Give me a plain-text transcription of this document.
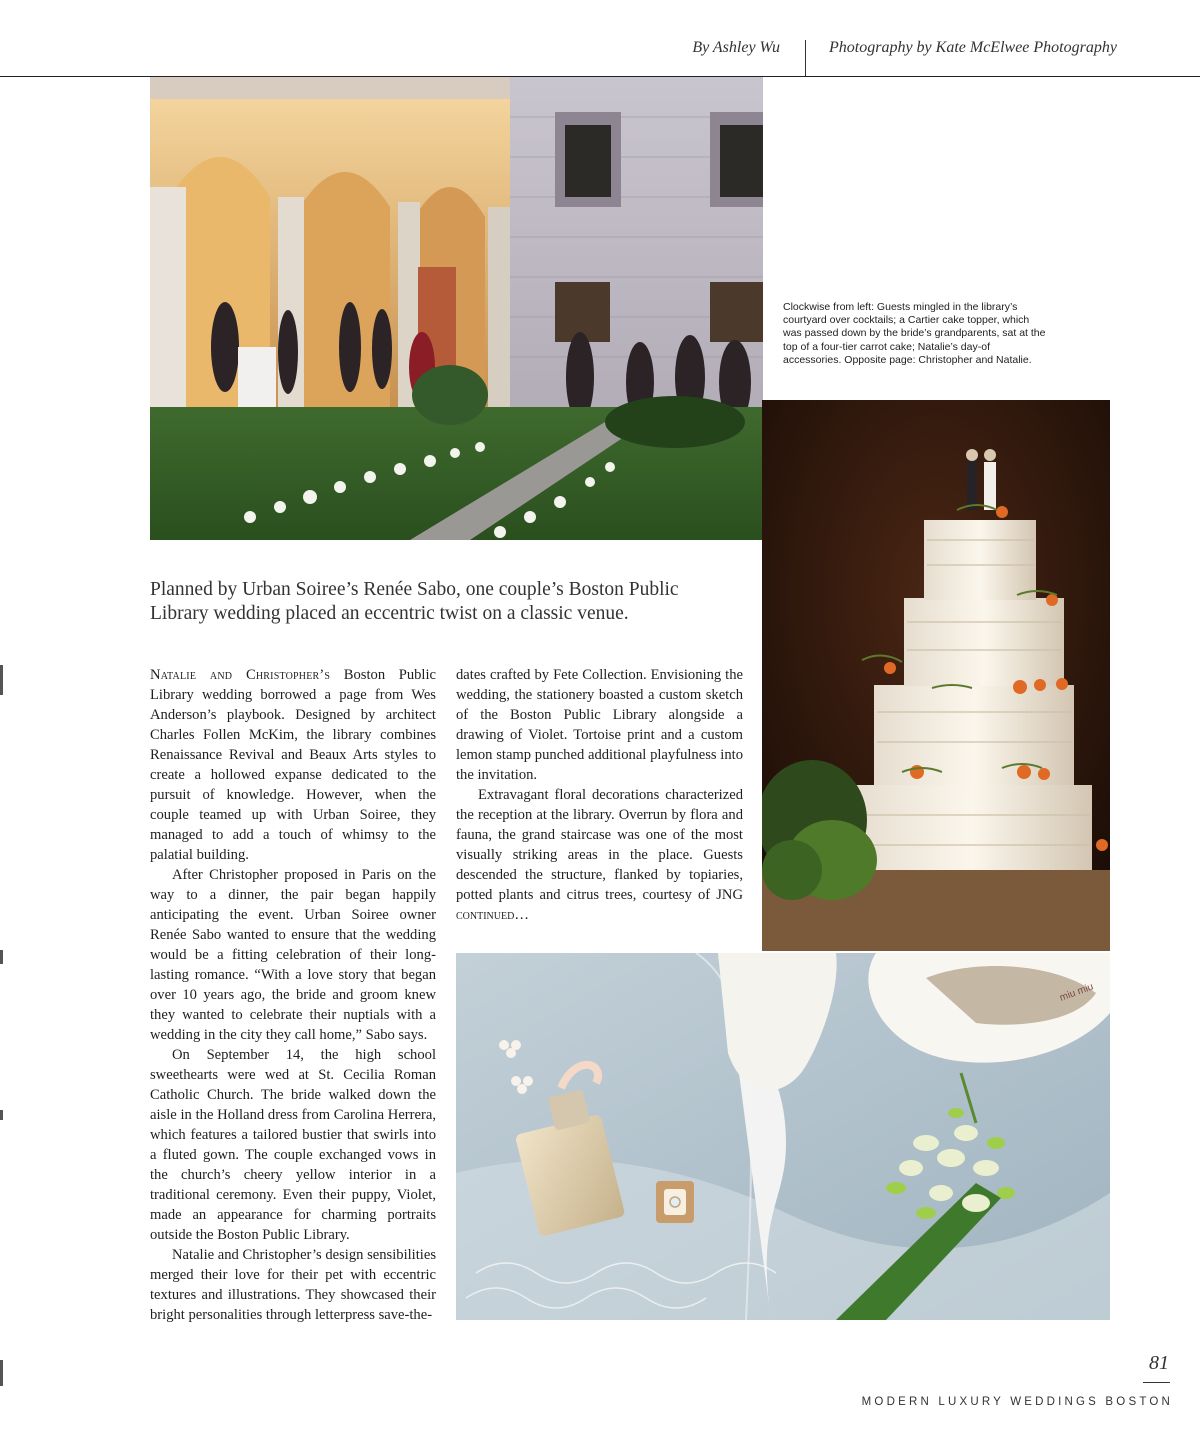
By Ashley Wu	Photography by Kate McElwee Photography
Clockwise from left: Guests mingled in the library’s courtyard over cocktails; a Cartier cake topper, which was passed down by the bride’s grandparents, sat at the top of a four-tier carrot cake; Natalie’s day-of accessories. Opposite page: Christopher and Natalie.
Planned by Urban Soiree’s Renée Sabo, one couple’s Boston Public Library wedding placed an eccentric twist on a classic venue.

Natalie and Christopher’s Boston Public Library wedding borrowed a page from Wes Anderson’s playbook. Designed by architect Charles Follen McKim, the library combines Renaissance Revival and Beaux Arts styles to create a hollowed expanse dedicated to the pursuit of knowledge. However, when the couple teamed up with Urban Soiree, they managed to add a touch of whimsy to the palatial building.

After Christopher proposed in Paris on the way to a dinner, the pair began happily anticipating the event. Urban Soiree owner Renée Sabo wanted to ensure that the wedding would be a fitting celebration of their long-lasting romance. “With a love story that began over 10 years ago, the bride and groom knew they wanted to celebrate their nuptials with a wedding in the city they call home,” Sabo says.

On September 14, the high school sweethearts were wed at St. Cecilia Roman Catholic Church. The bride walked down the aisle in the Holland dress from Carolina Herrera, which features a tailored bustier that swirls into a fluted gown. The couple exchanged vows in the church’s cheery yellow interior in a traditional ceremony. Even their puppy, Violet, made an appearance for charming portraits outside the Boston Public Library.

Natalie and Christopher’s design sensibilities merged their love for their pet with eccentric textures and illustrations. They showcased their bright personalities through letterpress save-the-

dates crafted by Fete Collection. Envisioning the wedding, the stationery boasted a custom sketch of the Boston Public Library alongside a drawing of Violet. Tortoise print and a custom lemon stamp punched additional playfulness into the invitation.

Extravagant floral decorations characterized the reception at the library. Overrun by flora and fauna, the grand staircase was one of the most visually striking areas in the place. Guests descended the structure, flanked by topiaries, potted plants and citrus trees, courtesy of JNG continued…

miu miu
81
MODERN LUXURY WEDDINGS BOSTON
